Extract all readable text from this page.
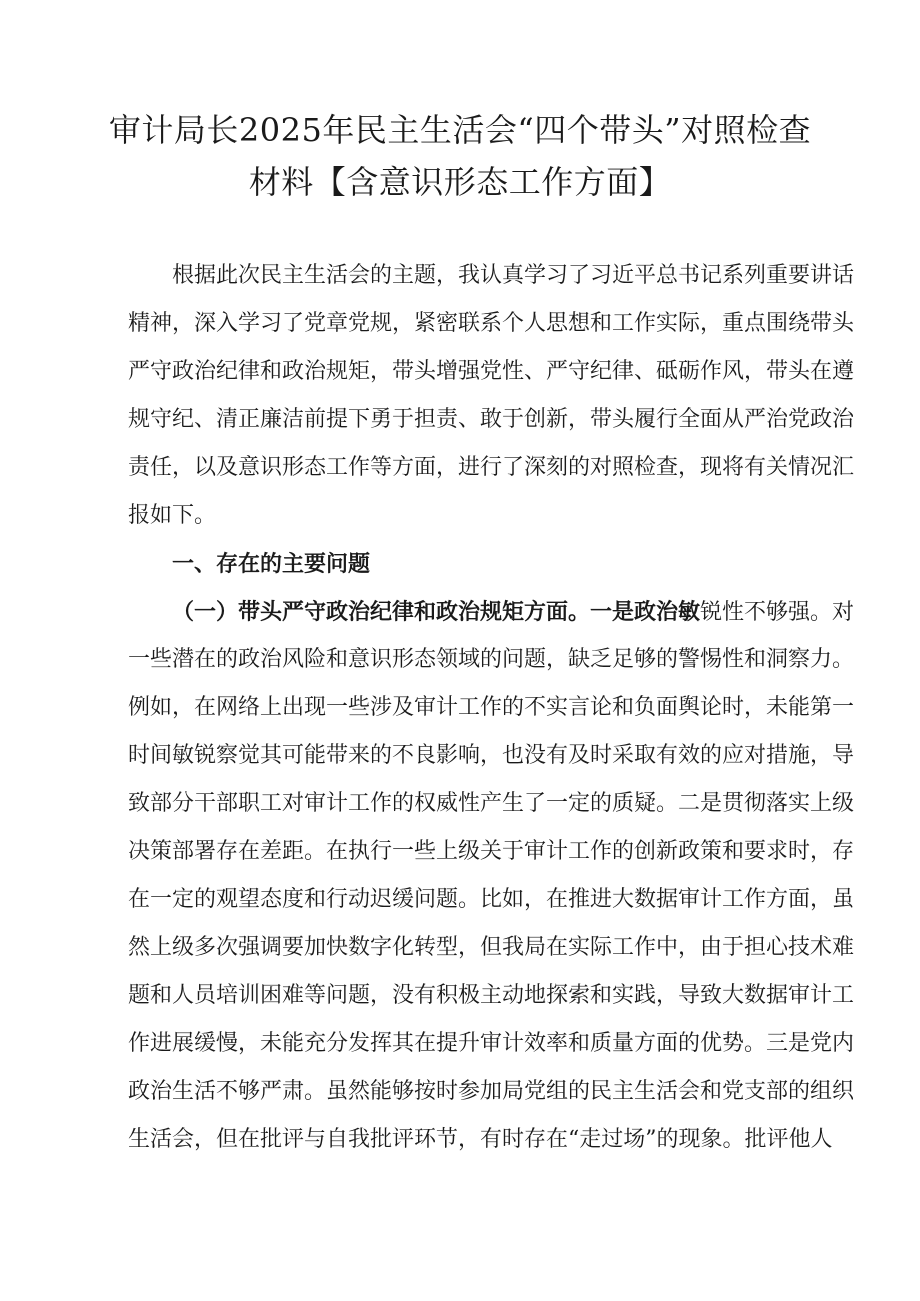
审计局长2025年民主生活会“四个带头”对照检查
材料【含意识形态工作方面】
根据此次民主生活会的主题，我认真学习了习近平总书记系列重要讲话
精神，深入学习了党章党规，紧密联系个人思想和工作实际，重点围绕带头
严守政治纪律和政治规矩，带头增强党性、严守纪律、砥砺作风，带头在遵
规守纪、清正廉洁前提下勇于担责、敢于创新，带头履行全面从严治党政治
责任，以及意识形态工作等方面，进行了深刻的对照检查，现将有关情况汇
报如下。
一、存在的主要问题
（一）带头严守政治纪律和政治规矩方面。一是政治敏锐性不够强。对
一些潜在的政治风险和意识形态领域的问题，缺乏足够的警惕性和洞察力。
例如，在网络上出现一些涉及审计工作的不实言论和负面舆论时，未能第一
时间敏锐察觉其可能带来的不良影响，也没有及时采取有效的应对措施，导
致部分干部职工对审计工作的权威性产生了一定的质疑。二是贯彻落实上级
决策部署存在差距。在执行一些上级关于审计工作的创新政策和要求时，存
在一定的观望态度和行动迟缓问题。比如，在推进大数据审计工作方面，虽
然上级多次强调要加快数字化转型，但我局在实际工作中，由于担心技术难
题和人员培训困难等问题，没有积极主动地探索和实践，导致大数据审计工
作进展缓慢，未能充分发挥其在提升审计效率和质量方面的优势。三是党内
政治生活不够严肃。虽然能够按时参加局党组的民主生活会和党支部的组织
生活会，但在批评与自我批评环节，有时存在“走过场”的现象。批评他人
